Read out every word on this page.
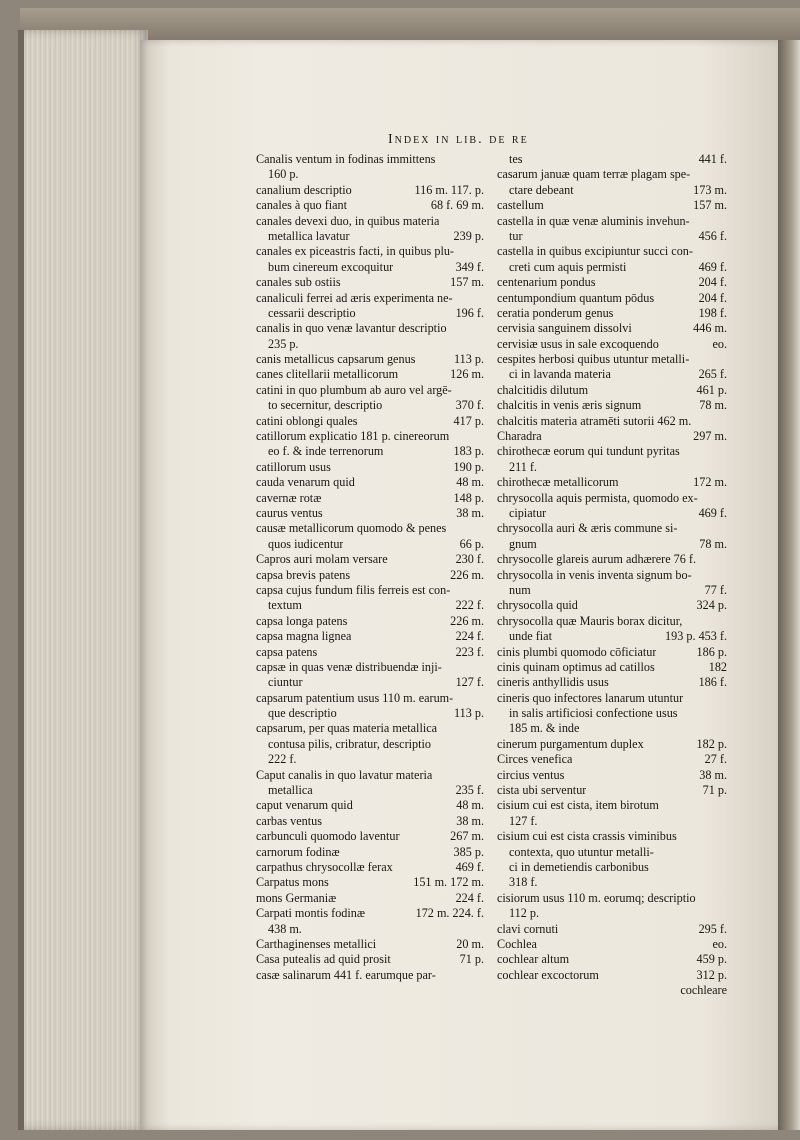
Index in lib. de re
Canalis ventum in fodinas immittens
160 p.
canalium descriptio	116 m. 117. p.
canales à quo fiant	68 f. 69 m.
canales devexi duo, in quibus materia
metallica lavatur	239 p.
canales ex piceastris facti, in quibus plu-
bum cinereum excoquitur	349 f.
canales sub ostiis	157 m.
canaliculi ferrei ad æris experimenta ne-
cessarii descriptio	196 f.
canalis in quo venæ lavantur descriptio
235 p.
canis metallicus capsarum genus	113 p.
canes clitellarii metallicorum	126 m.
catini in quo plumbum ab auro vel argē-
to secernitur, descriptio	370 f.
catini oblongi quales	417 p.
catillorum explicatio 181 p. cinereorum
eo f. & inde terrenorum	183 p.
catillorum usus	190 p.
cauda venarum quid	48 m.
cavernæ rotæ	148 p.
caurus ventus	38 m.
causæ metallicorum quomodo & penes
quos iudicentur	66 p.
Capros auri molam versare	230 f.
capsa brevis patens	226 m.
capsa cujus fundum filis ferreis est con-
textum	222 f.
capsa longa patens	226 m.
capsa magna lignea	224 f.
capsa patens	223 f.
capsæ in quas venæ distribuendæ inji-
ciuntur	127 f.
capsarum patentium usus 110 m. earum-
que descriptio	113 p.
capsarum, per quas materia metallica
contusa pilis, cribratur, descriptio
222 f.
Caput canalis in quo lavatur materia
metallica	235 f.
caput venarum quid	48 m.
carbas ventus	38 m.
carbunculi quomodo laventur	267 m.
carnorum fodinæ	385 p.
carpathus chrysocollæ ferax	469 f.
Carpatus mons	151 m. 172 m.
mons Germaniæ	224 f.
Carpati montis fodinæ	172 m. 224. f.
438 m.
Carthaginenses metallici	20 m.
Casa putealis ad quid prosit	71 p.
casæ salinarum 441 f. earumque par-
tes	441 f.
casarum januæ quam terræ plagam spe-
ctare debeant	173 m.
castellum	157 m.
castella in quæ venæ aluminis invehun-
tur	456 f.
castella in quibus excipiuntur succi con-
creti cum aquis permisti	469 f.
centenarium pondus	204 f.
centumpondium quantum pōdus	204 f.
ceratia ponderum genus	198 f.
cervisia sanguinem dissolvi	446 m.
cervisiæ usus in sale excoquendo	eo.
cespites herbosi quibus utuntur metalli-
ci in lavanda materia	265 f.
chalcitidis dilutum	461 p.
chalcitis in venis æris signum	78 m.
chalcitis materia atramēti sutorii 462 m.
Charadra	297 m.
chirothecæ eorum qui tundunt pyritas
211 f.
chirothecæ metallicorum	172 m.
chrysocolla aquis permista, quomodo ex-
cipiatur	469 f.
chrysocolla auri & æris commune si-
gnum	78 m.
chrysocolle glareis aurum adhærere 76 f.
chrysocolla in venis inventa signum bo-
num	77 f.
chrysocolla quid	324 p.
chrysocolla quæ Mauris borax dicitur,
unde fiat	193 p. 453 f.
cinis plumbi quomodo cōficiatur	186 p.
cinis quinam optimus ad catillos	182
cineris anthyllidis usus	186 f.
cineris quo infectores lanarum utuntur
in salis artificiosi confectione usus
185 m. & inde
cinerum purgamentum duplex	182 p.
Circes venefica	27 f.
circius ventus	38 m.
cista ubi serventur	71 p.
cisium cui est cista, item birotum
127 f.
cisium cui est cista crassis viminibus
contexta, quo utuntur metalli-
ci in demetiendis carbonibus
318 f.
cisiorum usus 110 m. eorumq; descriptio
112 p.
clavi cornuti	295 f.
Cochlea	eo.
cochlear altum	459 p.
cochlear excoctorum	312 p.
cochleare
